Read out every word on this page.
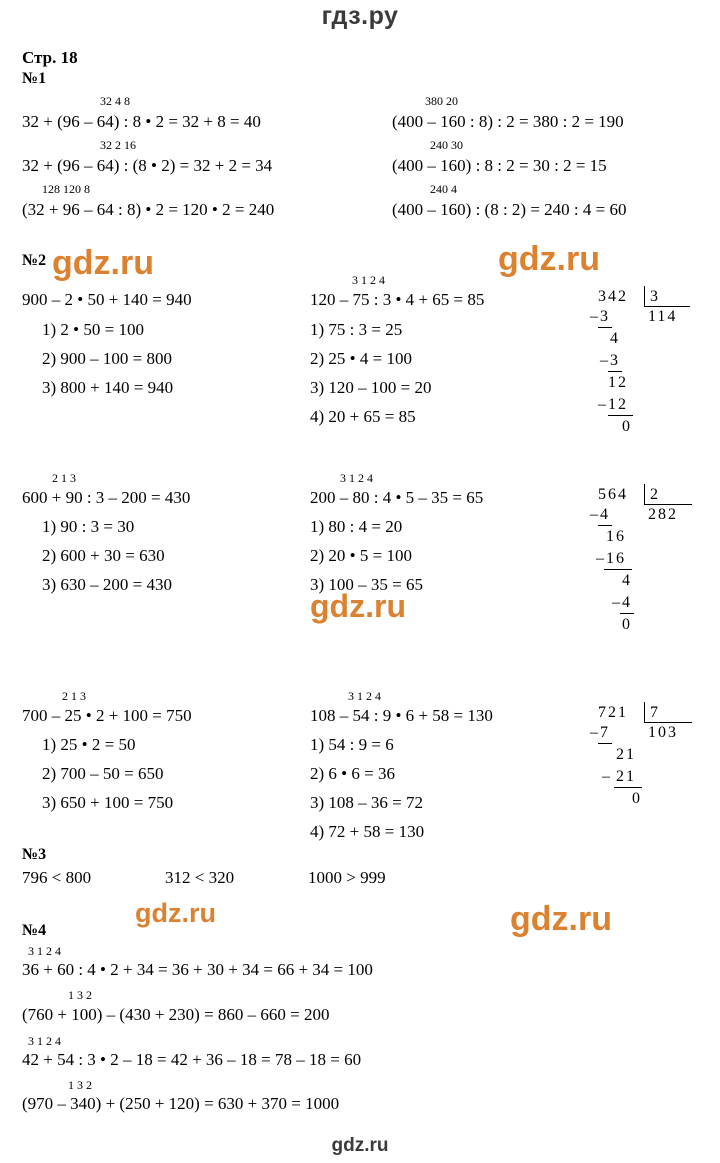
гдз.ру
Стр. 18
№1
32 4 8
32 + (96 – 64) : 8 • 2 = 32 + 8 = 40
32 2 16
32 + (96 – 64) : (8 • 2) = 32 + 2 = 34
128 120 8
(32 + 96 – 64 : 8) • 2 = 120 • 2 = 240
380 20
(400 – 160 : 8) : 2 = 380 : 2 = 190
240 30
(400 – 160) : 8 : 2 = 30 : 2 = 15
240 4
(400 – 160) : (8 : 2) = 240 : 4 = 60
№2
900 – 2 • 50 + 140 = 940
1) 2 • 50 = 100
2) 900 – 100 = 800
3) 800 + 140 = 940
2 1 3
600 + 90 : 3 – 200 = 430
1) 90 : 3 = 30
2) 600 + 30 = 630
3) 630 – 200 = 430
2 1 3
700 – 25 • 2 + 100 = 750
1) 25 • 2 = 50
2) 700 – 50 = 650
3) 650 + 100 = 750
3 1 2 4
120 – 75 : 3 • 4 + 65 = 85
1) 75 : 3 = 25
2) 25 • 4 = 100
3) 120 – 100 = 20
4) 20 + 65 = 85
3 1 2 4
200 – 80 : 4 • 5 – 35 = 65
1) 80 : 4 = 20
2) 20 • 5 = 100
3) 100 – 35 = 65
3 1 2 4
108 – 54 : 9 • 6 + 58 = 130
1) 54 : 9 = 6
2) 6 • 6 = 36
3) 108 – 36 = 72
4) 72 + 58 = 130
342 3
114
– 3
4
– 3
12
– 12
0
564 2
282
– 4
16
– 16
4
– 4
0
721 7
103
– 7
21
– 21
0
№3
796 < 800	312 < 320	1000 > 999
№4
3 1 2 4
36 + 60 : 4 • 2 + 34 = 36 + 30 + 34 = 66 + 34 = 100
1 3 2
(760 + 100) – (430 + 230) = 860 – 660 = 200
3 1 2 4
42 + 54 : 3 • 2 – 18 = 42 + 36 – 18 = 78 – 18 = 60
1 3 2
(970 – 340) + (250 + 120) = 630 + 370 = 1000
gdz.ru	gdz.ru
gdz.ru
gdz.ru	gdz.ru
gdz.ru
